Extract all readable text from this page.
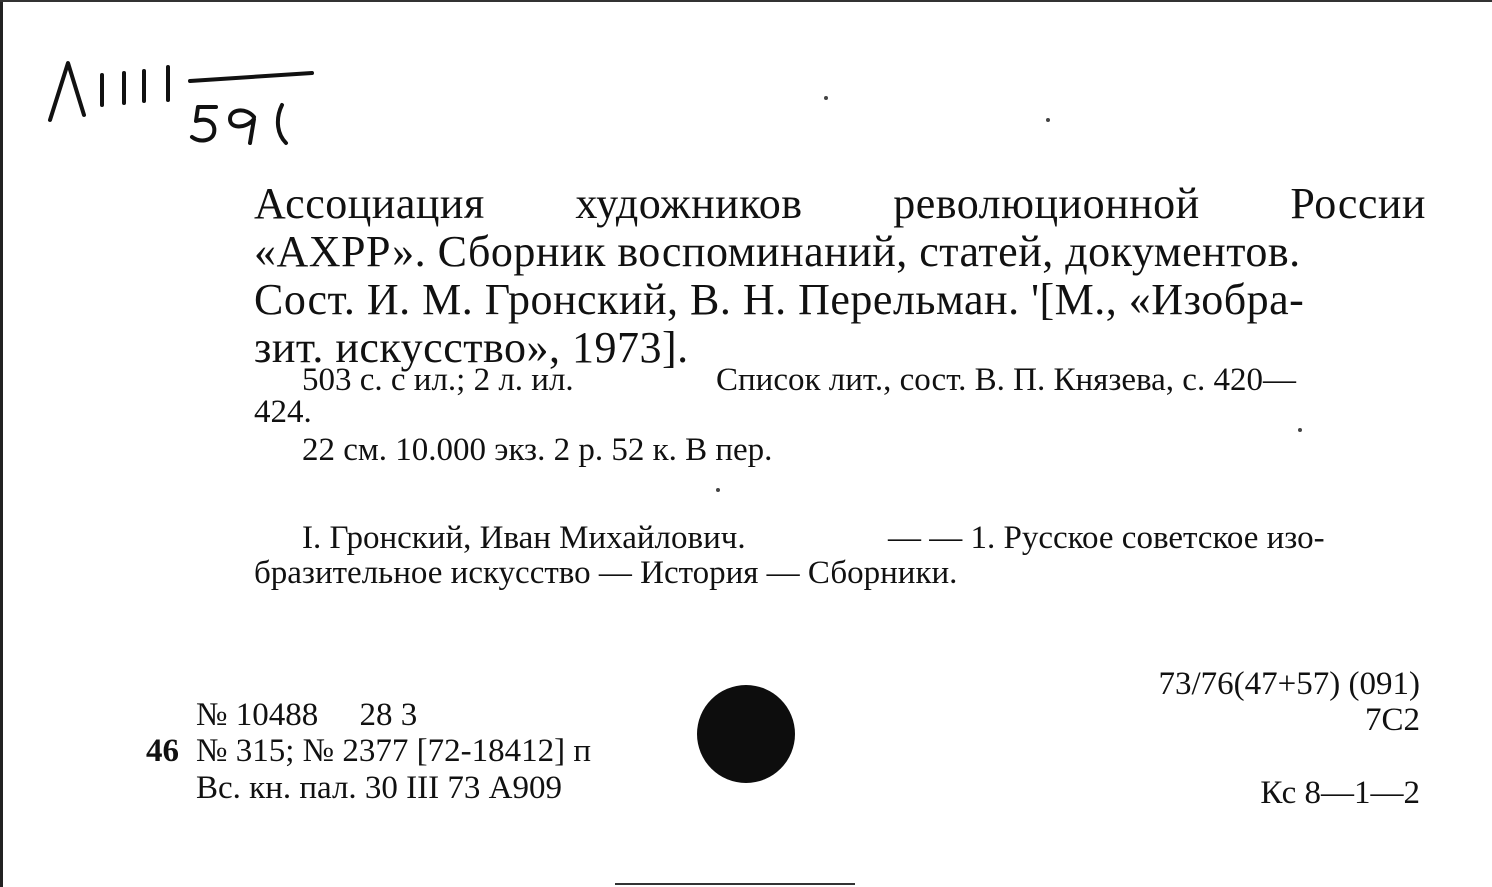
Ассоциация художников революционной России
«АХРР». Сборник воспоминаний, статей, документов.
Сост. И. М. Гронский, В. Н. Перельман. '[М., «Изобра-
зит. искусство», 1973].
503 с. с ил.; 2 л. ил.	Список лит., сост. В. П. Князева, с. 420—
424.
22 см. 10.000 экз. 2 р. 52 к. В пер.
I. Гронский, Иван Михайлович.	— — 1. Русское советское изо-
бразительное искусство — История — Сборники.
№ 10488     28 3
46 № 315; № 2377 [72-18412] п
Вс. кн. пал. 30 III 73 А909
73/76(47+57) (091)
7С2
Кс 8—1—2
